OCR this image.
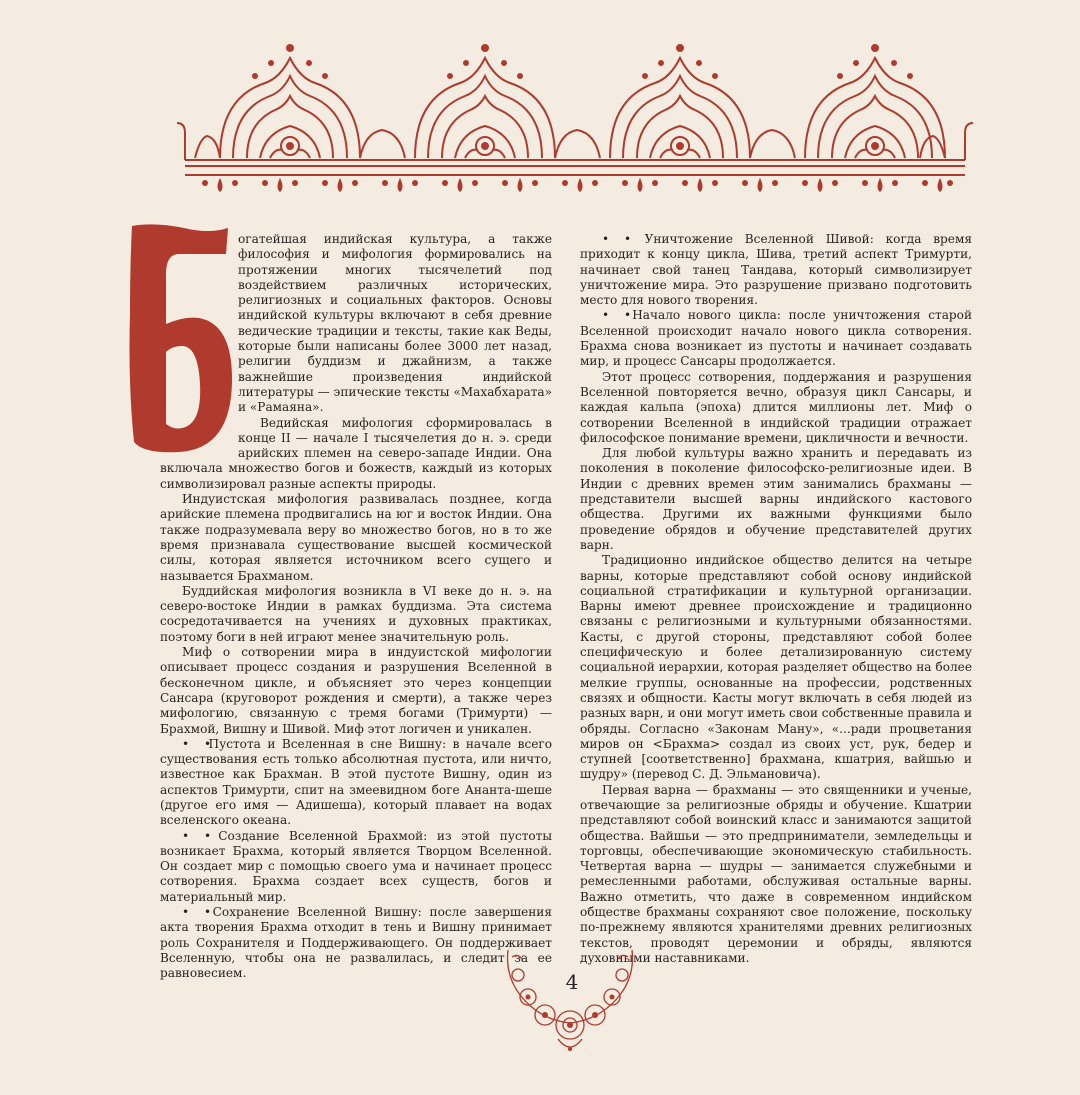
огатейшая индийская культура, а также философия и мифология формировались на протяжении многих тысячелетий под воздействием различных исторических, религиозных и социальных факторов. Основы индийской культуры включают в себя древние ведические традиции и тексты, такие как Веды, которые были написаны более 3000 лет назад, религии буддизм и джайнизм, а также важнейшие произведения индийской литературы — эпические тексты «Махабхарата» и «Рамаяна».

Ведийская мифология сформировалась в конце II — начале I тысячелетия до н. э. среди арийских племен на северо-западе Индии. Она включала множество богов и божеств, каждый из которых символизировал разные аспекты природы.

Индуистская мифология развивалась позднее, когда арийские племена продвигались на юг и восток Индии. Она также подразумевала веру во множество богов, но в то же время признавала существование высшей космической силы, которая является источником всего сущего и называется Брахманом.

Буддийская мифология возникла в VI веке до н. э. на северо-востоке Индии в рамках буддизма. Эта система сосредотачивается на учениях и духовных практиках, поэтому боги в ней играют менее значительную роль.

Миф о сотворении мира в индуистской мифологии описывает процесс создания и разрушения Вселенной в бесконечном цикле, и объясняет это через концепции Сансара (круговорот рождения и смерти), а также через мифологию, связанную с тремя богами (Тримурти) — Брахмой, Вишну и Шивой. Миф этот логичен и уникален.

• •   Пустота и Вселенная в сне Вишну: в начале всего существования есть только абсолютная пустота, или ничто, известное как Брахман. В этой пустоте Вишну, один из аспектов Тримурти, спит на змеевидном боге Ананта-шеше (другое его имя — Адишеша), который плавает на водах вселенского океана.

• •   Создание Вселенной Брахмой: из этой пустоты возникает Брахма, который является Творцом Вселенной. Он создает мир с помощью своего ума и начинает процесс сотворения. Брахма создает всех существ, богов и материальный мир.

• •   Сохранение Вселенной Вишну: после завершения акта творения Брахма отходит в тень и Вишну принимает роль Сохранителя и Поддерживающего. Он поддерживает Вселенную, чтобы она не развалилась, и следит за ее равновесием.

• •   Уничтожение Вселенной Шивой: когда время приходит к концу цикла, Шива, третий аспект Тримурти, начинает свой танец Тандава, который символизирует уничтожение мира. Это разрушение призвано подготовить место для нового творения.

• •   Начало нового цикла: после уничтожения старой Вселенной происходит начало нового цикла сотворения. Брахма снова возникает из пустоты и начинает создавать мир, и процесс Сансары продолжается.

Этот процесс сотворения, поддержания и разрушения Вселенной повторяется вечно, образуя цикл Сансары, и каждая кальпа (эпоха) длится миллионы лет. Миф о сотворении Вселенной в индийской традиции отражает философское понимание времени, цикличности и вечности.

Для любой культуры важно хранить и передавать из поколения в поколение философско-религиозные идеи. В Индии с древних времен этим занимались брахманы — представители высшей варны индийского кастового общества. Другими их важными функциями было проведение обрядов и обучение представителей других варн.

Традиционно индийское общество делится на четыре варны, которые представляют собой основу индийской социальной стратификации и культурной организации. Варны имеют древнее происхождение и традиционно связаны с религиозными и культурными обязанностями. Касты, с другой стороны, представляют собой более специфическую и более детализированную систему социальной иерархии, которая разделяет общество на более мелкие группы, основанные на профессии, родственных связях и общности. Касты могут включать в себя людей из разных варн, и они могут иметь свои собственные правила и обряды. Согласно «Законам Ману», «...ради процветания миров он <Брахма> создал из своих уст, рук, бедер и ступней [соответственно] брахмана, кшатрия, вайшью и шудру» (перевод С. Д. Эльмановича).

Первая варна — брахманы — это священники и ученые, отвечающие за религиозные обряды и обучение. Кшатрии представляют собой воинский класс и занимаются защитой общества. Вайшьи — это предприниматели, земледельцы и торговцы, обеспечивающие экономическую стабильность. Четвертая варна — шудры — занимается служебными и ремесленными работами, обслуживая остальные варны. Важно отметить, что даже в современном индийском обществе брахманы сохраняют свое положение, поскольку по-прежнему являются хранителями древних религиозных текстов, проводят церемонии и обряды, являются духовными наставниками.

4
